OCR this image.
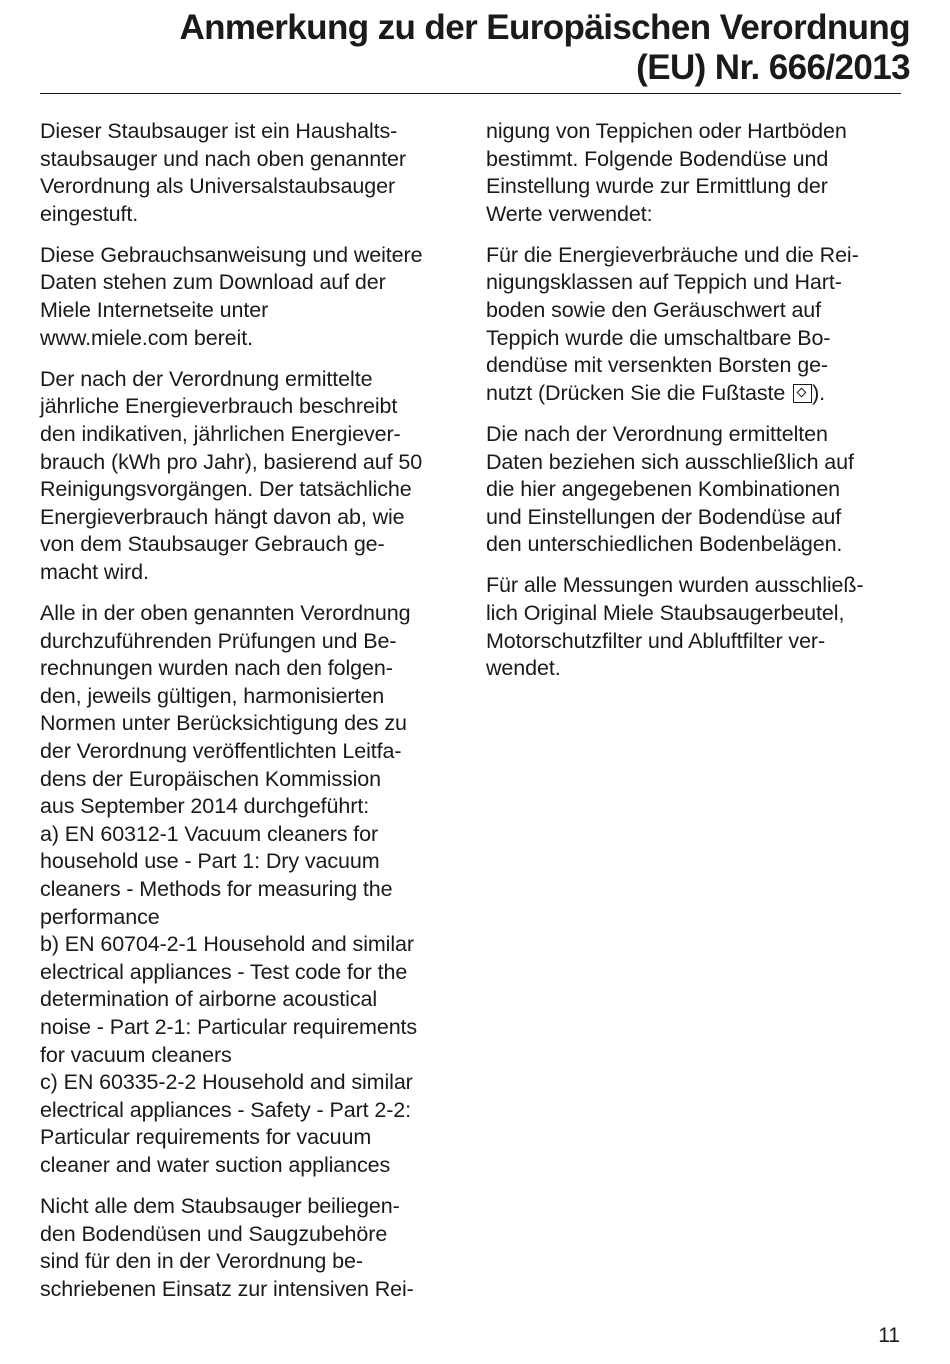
Anmerkung zu der Europäischen Verordnung
(EU) Nr. 666/2013
Dieser Staubsauger ist ein Haushalts-
staubsauger und nach oben genannter
Verordnung als Universalstaubsauger
eingestuft.
Diese Gebrauchsanweisung und weitere
Daten stehen zum Download auf der
Miele Internetseite unter
www.miele.com bereit.
Der nach der Verordnung ermittelte
jährliche Energieverbrauch beschreibt
den indikativen, jährlichen Energiever-
brauch (kWh pro Jahr), basierend auf 50
Reinigungsvorgängen. Der tatsächliche
Energieverbrauch hängt davon ab, wie
von dem Staubsauger Gebrauch ge-
macht wird.
Alle in der oben genannten Verordnung
durchzuführenden Prüfungen und Be-
rechnungen wurden nach den folgen-
den, jeweils gültigen, harmonisierten
Normen unter Berücksichtigung des zu
der Verordnung veröffentlichten Leitfa-
dens der Europäischen Kommission
aus September 2014 durchgeführt:
a) EN 60312-1 Vacuum cleaners for
household use - Part 1: Dry vacuum
cleaners - Methods for measuring the
performance
b) EN 60704-2-1 Household and similar
electrical appliances - Test code for the
determination of airborne acoustical
noise - Part 2-1: Particular requirements
for vacuum cleaners
c) EN 60335-2-2 Household and similar
electrical appliances - Safety - Part 2-2:
Particular requirements for vacuum
cleaner and water suction appliances
Nicht alle dem Staubsauger beiliegen-
den Bodendüsen und Saugzubehöre
sind für den in der Verordnung be-
schriebenen Einsatz zur intensiven Rei-
nigung von Teppichen oder Hartböden
bestimmt. Folgende Bodendüse und
Einstellung wurde zur Ermittlung der
Werte verwendet:
Für die Energieverbräuche und die Rei-
nigungsklassen auf Teppich und Hart-
boden sowie den Geräuschwert auf
Teppich wurde die umschaltbare Bo-
dendüse mit versenkten Borsten ge-
nutzt (Drücken Sie die Fußtaste ).
Die nach der Verordnung ermittelten
Daten beziehen sich ausschließlich auf
die hier angegebenen Kombinationen
und Einstellungen der Bodendüse auf
den unterschiedlichen Bodenbelägen.
Für alle Messungen wurden ausschließ-
lich Original Miele Staubsaugerbeutel,
Motorschutzfilter und Abluftfilter ver-
wendet.
11
